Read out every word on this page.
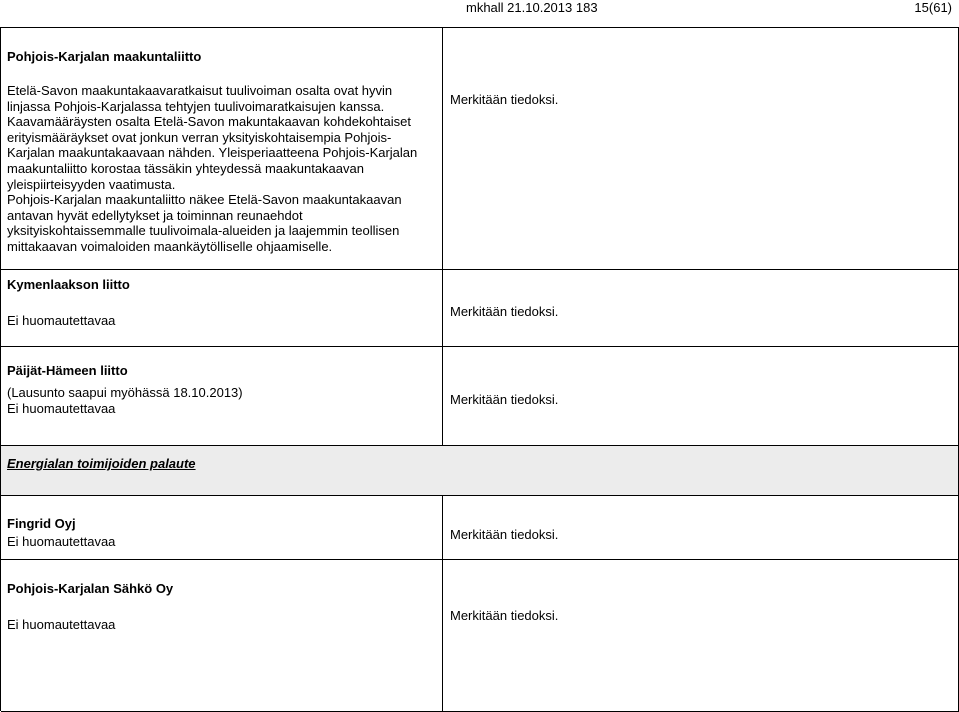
mkhall 21.10.2013 183	15(61)
Pohjois-Karjalan maakuntaliitto

Etelä-Savon maakuntakaavaratkaisut tuulivoiman osalta ovat hyvin linjassa Pohjois-Karjalassa tehtyjen tuulivoimaratkaisujen kanssa. Kaavamääräysten osalta Etelä-Savon makuntakaavan kohdekohtaiset erityismääräykset ovat jonkun verran yksityiskohtaisempia Pohjois-Karjalan maakuntakaavaan nähden. Yleisperiaatteena Pohjois-Karjalan maakuntaliitto korostaa tässäkin yhteydessä maakuntakaavan yleispiirteisyyden vaatimusta.

Pohjois-Karjalan maakuntaliitto näkee Etelä-Savon maakuntakaavan antavan hyvät edellytykset ja toiminnan reunaehdot yksityiskohtaissemmalle tuulivoimala-alueiden ja laajemmin teollisen mittakaavan voimaloiden maankäytölliselle ohjaamiselle.

Merkitään tiedoksi.
Kymenlaakson liitto
Ei huomautettavaa
Merkitään tiedoksi.
Päijät-Hämeen liitto
(Lausunto saapui myöhässä 18.10.2013)
Ei huomautettavaa
Merkitään tiedoksi.
Energialan toimijoiden palaute
Fingrid Oyj
Ei huomautettavaa	Merkitään tiedoksi.
Pohjois-Karjalan Sähkö Oy
Ei huomautettavaa
Merkitään tiedoksi.
